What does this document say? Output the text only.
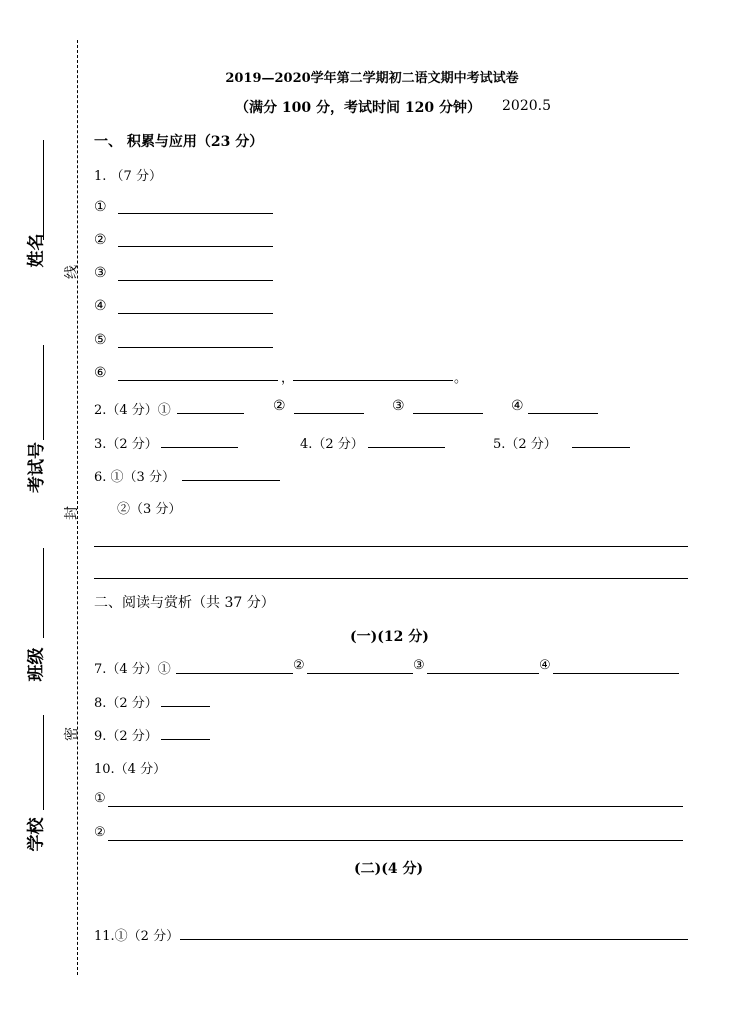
姓名
考试号
班级
学校
线
封
密
2019—2020学年第二学期初二语文期中考试试卷
（满分 100 分，考试时间 120 分钟） 2020.5
一、 积累与应用（23 分）
1. （7 分）
①
②
③
④
⑤
⑥	，	。
2.（4 分）①	②	③	④
3.（2 分）	4.（2 分）	5.（2 分）
6. ①（3 分）
②（3 分）
二、阅读与赏析（共 37 分）
(一)(12 分)
7.（4 分）①	②	③	④
8.（2 分）
9.（2 分）
10.（4 分）
①
②
(二)(4 分)
11.①（2 分）
